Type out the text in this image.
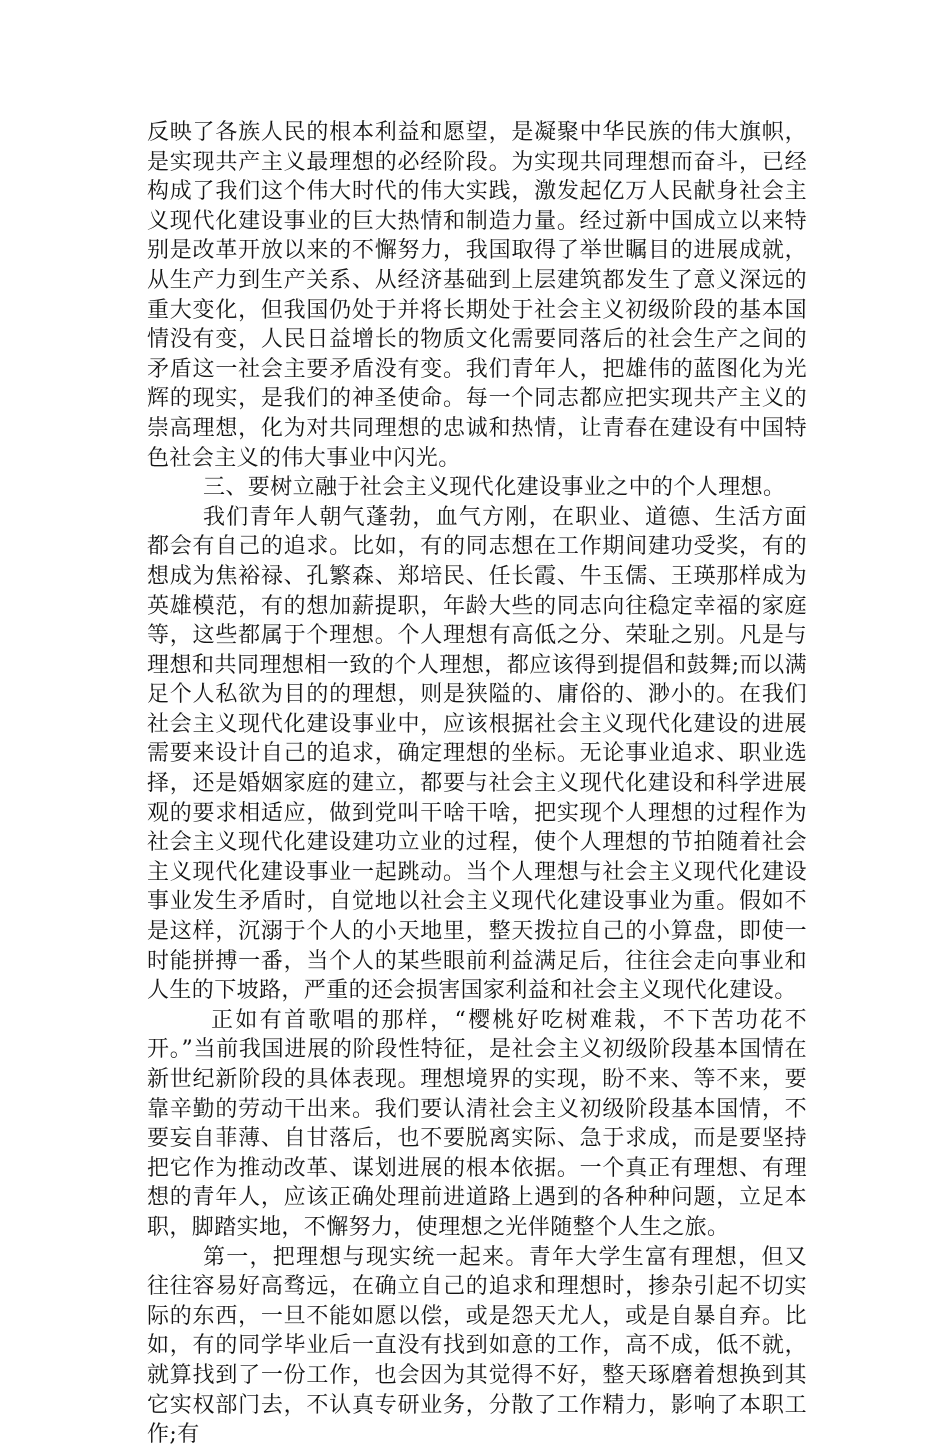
反映了各族人民的根本利益和愿望，是凝聚中华民族的伟大旗帜，是实现共产主义最理想的必经阶段。为实现共同理想而奋斗，已经构成了我们这个伟大时代的伟大实践，激发起亿万人民献身社会主义现代化建设事业的巨大热情和制造力量。经过新中国成立以来特别是改革开放以来的不懈努力，我国取得了举世瞩目的进展成就，从生产力到生产关系、从经济基础到上层建筑都发生了意义深远的重大变化，但我国仍处于并将长期处于社会主义初级阶段的基本国情没有变，人民日益增长的物质文化需要同落后的社会生产之间的矛盾这一社会主要矛盾没有变。我们青年人，把雄伟的蓝图化为光辉的现实，是我们的神圣使命。每一个同志都应把实现共产主义的崇高理想，化为对共同理想的忠诚和热情，让青春在建设有中国特色社会主义的伟大事业中闪光。

三、要树立融于社会主义现代化建设事业之中的个人理想。

我们青年人朝气蓬勃，血气方刚，在职业、道德、生活方面都会有自己的追求。比如，有的同志想在工作期间建功受奖，有的想成为焦裕禄、孔繁森、郑培民、任长霞、牛玉儒、王瑛那样成为英雄模范，有的想加薪提职，年龄大些的同志向往稳定幸福的家庭等，这些都属于个理想。个人理想有高低之分、荣耻之别。凡是与理想和共同理想相一致的个人理想，都应该得到提倡和鼓舞;而以满足个人私欲为目的的理想，则是狭隘的、庸俗的、渺小的。在我们社会主义现代化建设事业中，应该根据社会主义现代化建设的进展需要来设计自己的追求，确定理想的坐标。无论事业追求、职业选择，还是婚姻家庭的建立，都要与社会主义现代化建设和科学进展观的要求相适应，做到党叫干啥干啥，把实现个人理想的过程作为社会主义现代化建设建功立业的过程，使个人理想的节拍随着社会主义现代化建设事业一起跳动。当个人理想与社会主义现代化建设事业发生矛盾时，自觉地以社会主义现代化建设事业为重。假如不是这样，沉溺于个人的小天地里，整天拨拉自己的小算盘，即使一时能拼搏一番，当个人的某些眼前利益满足后，往往会走向事业和人生的下坡路，严重的还会损害国家利益和社会主义现代化建设。

正如有首歌唱的那样，“樱桃好吃树难栽，不下苦功花不开。”当前我国进展的阶段性特征，是社会主义初级阶段基本国情在新世纪新阶段的具体表现。理想境界的实现，盼不来、等不来，要靠辛勤的劳动干出来。我们要认清社会主义初级阶段基本国情，不要妄自菲薄、自甘落后，也不要脱离实际、急于求成，而是要坚持把它作为推动改革、谋划进展的根本依据。一个真正有理想、有理想的青年人，应该正确处理前进道路上遇到的各种种问题，立足本职，脚踏实地，不懈努力，使理想之光伴随整个人生之旅。

第一，把理想与现实统一起来。青年大学生富有理想，但又往往容易好高骛远，在确立自己的追求和理想时，掺杂引起不切实际的东西，一旦不能如愿以偿，或是怨天尤人，或是自暴自弃。比如，有的同学毕业后一直没有找到如意的工作，高不成，低不就，就算找到了一份工作，也会因为其觉得不好，整天琢磨着想换到其它实权部门去，不认真专研业务，分散了工作精力，影响了本职工作;有
